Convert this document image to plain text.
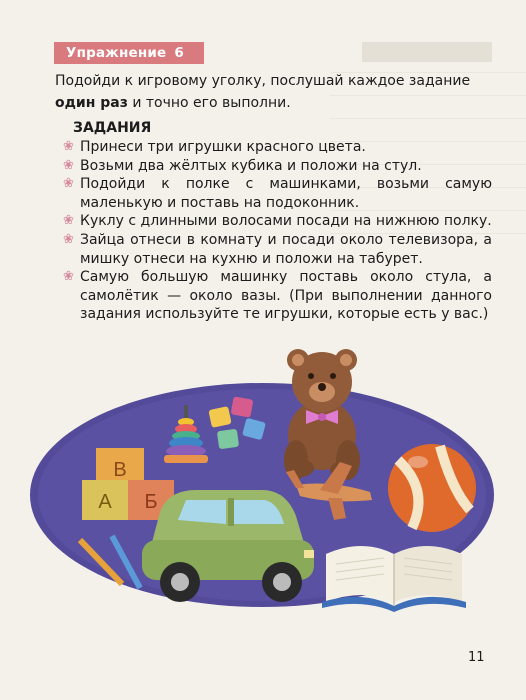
Упражнение 6
Подойди к игровому уголку, послушай каждое задание один раз и точно его выполни.
ЗАДАНИЯ
❀ Принеси три игрушки красного цвета.
❀ Возьми два жёлтых кубика и положи на стул.
❀ Подойди к полке с машинками, возьми самую маленькую и поставь на подоконник.
❀ Куклу с длинными волосами посади на нижнюю полку.
❀ Зайца отнеси в комнату и посади около телевизора, а мишку отнеси на кухню и положи на табурет.
❀ Самую большую машинку поставь около стула, а самолётик — около вазы. (При выполнении данного задания используйте те игрушки, которые есть у вас.)
В
А Б
11
